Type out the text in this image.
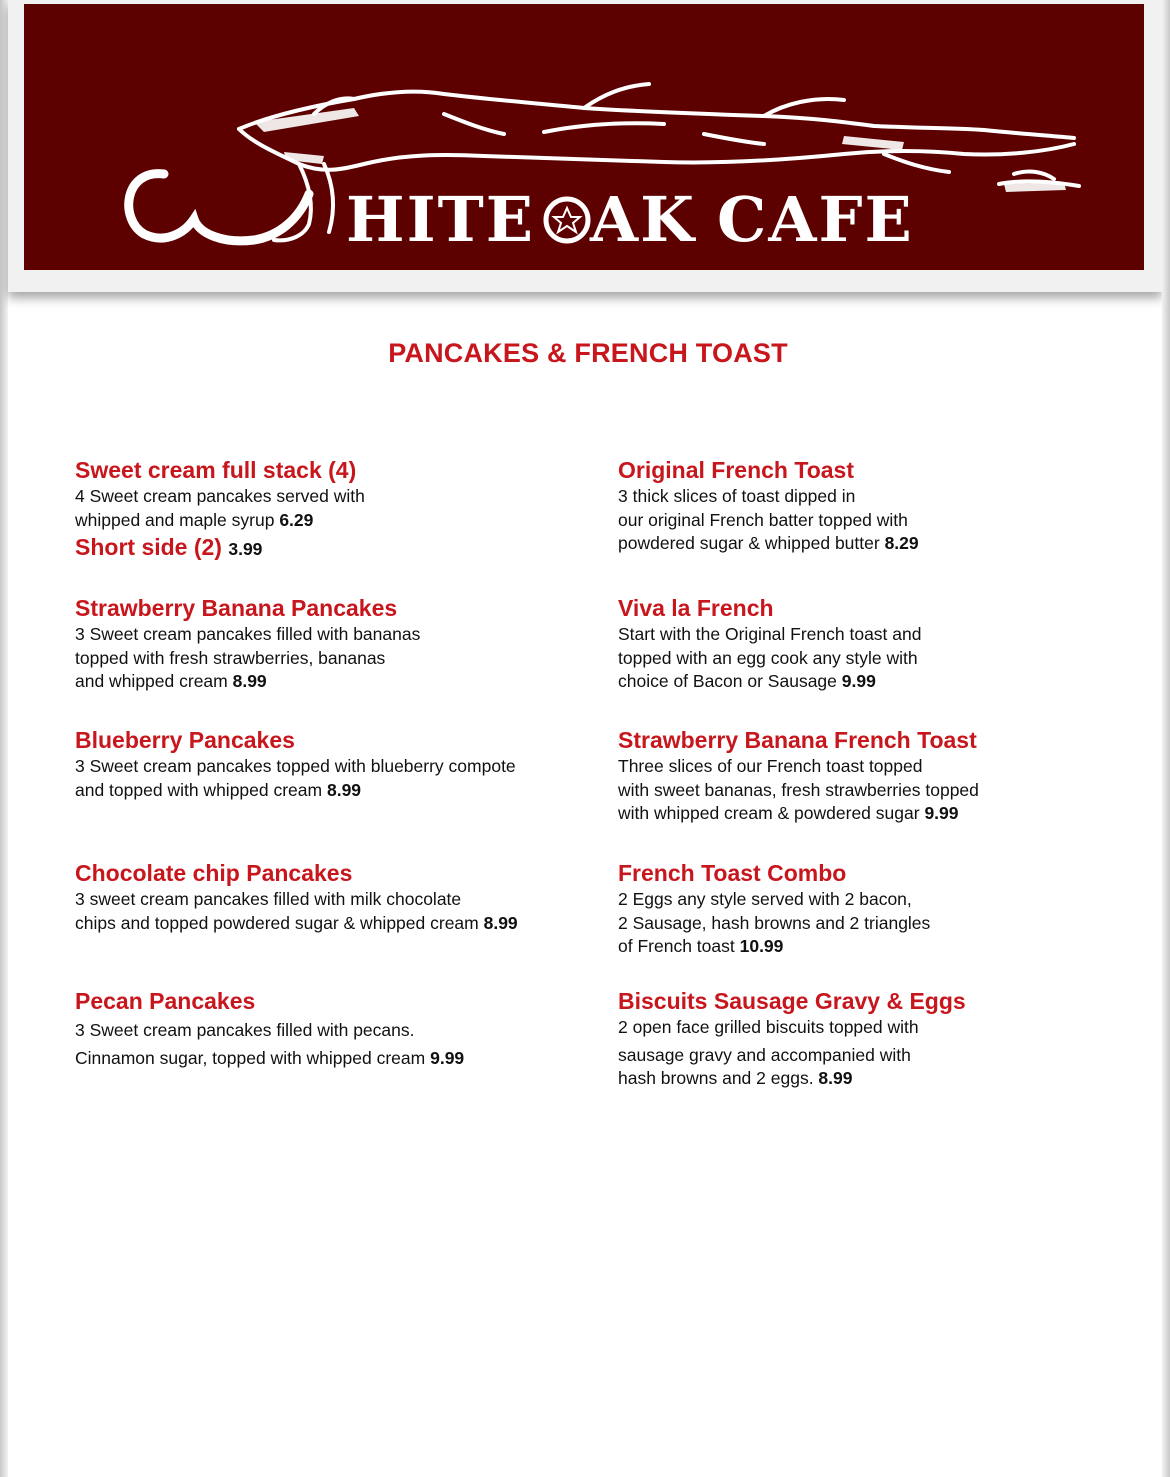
HITE AK CAFE
PANCAKES & FRENCH TOAST
Sweet cream full stack (4)
4 Sweet cream pancakes served with
whipped and maple syrup 6.29
Short side (2) 3.99
Strawberry Banana Pancakes
3 Sweet cream pancakes filled with bananas
topped with fresh strawberries, bananas
and whipped cream 8.99
Blueberry Pancakes
3 Sweet cream pancakes topped with blueberry compote
and topped with whipped cream 8.99
Chocolate chip Pancakes
3 sweet cream pancakes filled with milk chocolate
chips and topped powdered sugar & whipped cream 8.99
Pecan Pancakes
3 Sweet cream pancakes filled with pecans.
Cinnamon sugar, topped with whipped cream 9.99
Original French Toast
3 thick slices of toast dipped in
our original French batter topped with
powdered sugar & whipped butter 8.29
Viva la French
Start with the Original French toast and
topped with an egg cook any style with
choice of Bacon or Sausage 9.99
Strawberry Banana French Toast
Three slices of our French toast topped
with sweet bananas, fresh strawberries topped
with whipped cream & powdered sugar 9.99
French Toast Combo
2 Eggs any style served with 2 bacon,
2 Sausage, hash browns and 2 triangles
of French toast 10.99
Biscuits Sausage Gravy & Eggs
2 open face grilled biscuits topped with
sausage gravy and accompanied with
hash browns and 2 eggs. 8.99
